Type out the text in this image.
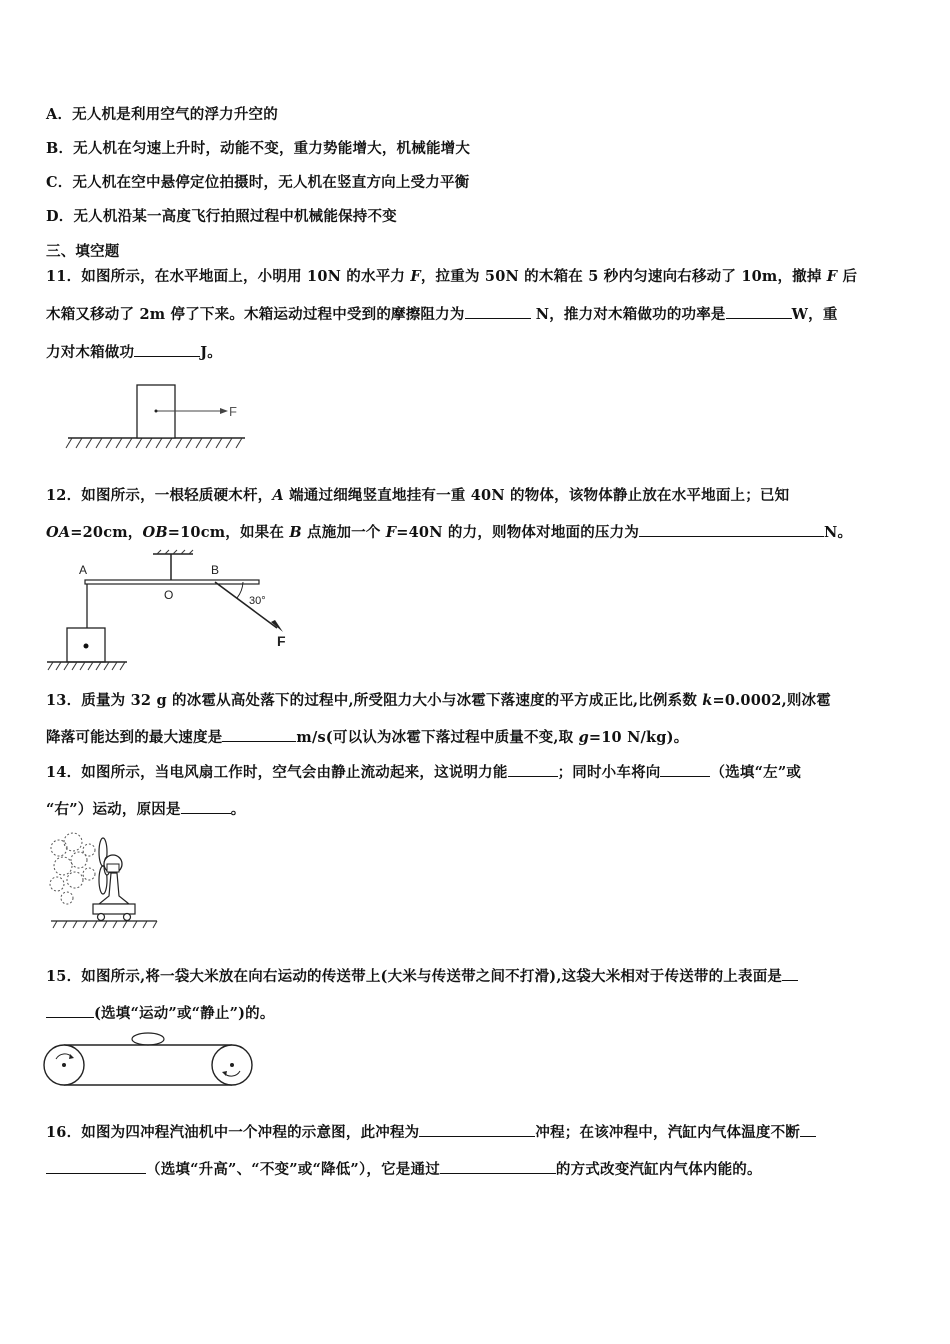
A．无人机是利用空气的浮力升空的
B．无人机在匀速上升时，动能不变，重力势能增大，机械能增大
C．无人机在空中悬停定位拍摄时，无人机在竖直方向上受力平衡
D．无人机沿某一高度飞行拍照过程中机械能保持不变
三、填空题
11．如图所示，在水平地面上，小明用 10N 的水平力 F，拉重为 50N 的木箱在 5 秒内匀速向右移动了 10m，撤掉 F 后
木箱又移动了 2m 停了下来。木箱运动过程中受到的摩擦阻力为	N，推力对木箱做功的功率是	W，重
力对木箱做功	J。
F
12．如图所示，一根轻质硬木杆，A 端通过细绳竖直地挂有一重 40N 的物体，该物体静止放在水平地面上；已知
OA=20cm，OB=10cm，如果在 B 点施加一个 F=40N 的力，则物体对地面的压力为	N。
A
O
B
30°
F
13．质量为 32 g 的冰雹从高处落下的过程中,所受阻力大小与冰雹下落速度的平方成正比,比例系数 k=0.0002,则冰雹
降落可能达到的最大速度是	m/s(可以认为冰雹下落过程中质量不变,取 g=10 N/kg)。
14．如图所示，当电风扇工作时，空气会由静止流动起来，这说明力能	；同时小车将向	（选填“左”或
“右”）运动，原因是	。
15．如图所示,将一袋大米放在向右运动的传送带上(大米与传送带之间不打滑),这袋大米相对于传送带的上表面是
(选填“运动”或“静止”)的。
16．如图为四冲程汽油机中一个冲程的示意图，此冲程为	冲程；在该冲程中，汽缸内气体温度不断
（选填“升高”、“不变”或“降低”），它是通过	的方式改变汽缸内气体内能的。
